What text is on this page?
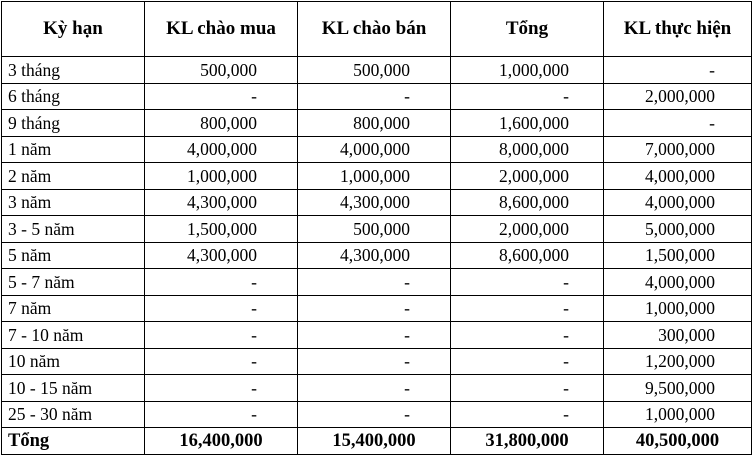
Kỳ hạn	KL chào mua	KL chào bán	Tổng	KL thực hiện
3 tháng	500,000	500,000	1,000,000	-
6 tháng	-	-	-	2,000,000
9 tháng	800,000	800,000	1,600,000	-
1 năm	4,000,000	4,000,000	8,000,000	7,000,000
2 năm	1,000,000	1,000,000	2,000,000	4,000,000
3 năm	4,300,000	4,300,000	8,600,000	4,000,000
3 - 5 năm	1,500,000	500,000	2,000,000	5,000,000
5 năm	4,300,000	4,300,000	8,600,000	1,500,000
5 - 7 năm	-	-	-	4,000,000
7 năm	-	-	-	1,000,000
7 - 10 năm	-	-	-	300,000
10 năm	-	-	-	1,200,000
10 - 15 năm	-	-	-	9,500,000
25 - 30 năm	-	-	-	1,000,000
Tổng	16,400,000	15,400,000	31,800,000	40,500,000
